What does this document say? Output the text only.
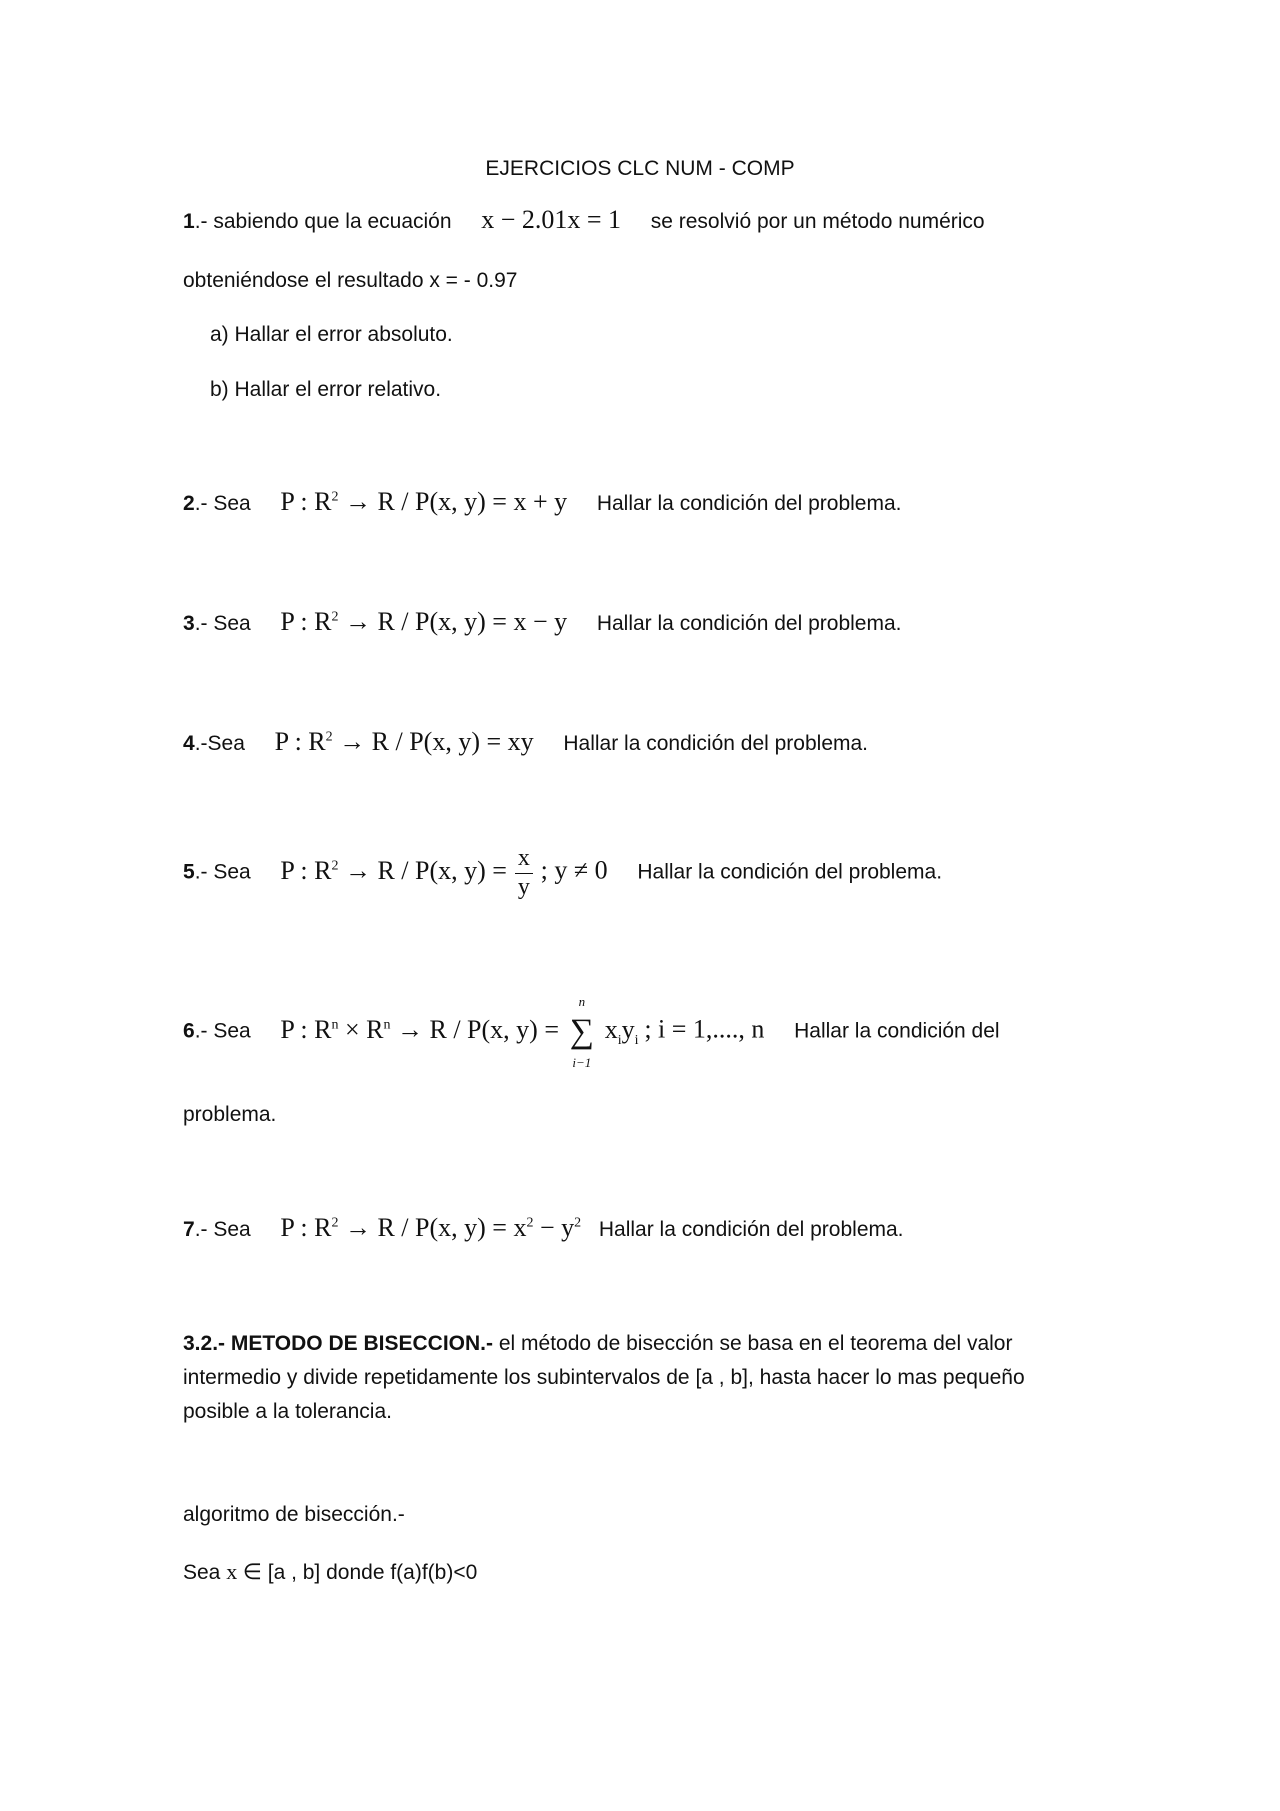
EJERCICIOS CLC NUM - COMP
1.- sabiendo que la ecuación x − 2.01x = 1 se resolvió por un método numérico
obteniéndose el resultado x = - 0.97
a) Hallar el error absoluto.
b) Hallar el error relativo.
2.- Sea P : $R^2 \to R / P(x$, y) = x + y Hallar la condición del problema.
3.- Sea P : $R^2 \to R / P(x$, y) = x − y Hallar la condición del problema.
4.-Sea P : $R^2 \to R / P(x$, y) = xy Hallar la condición del problema.
5.- Sea P : $R^2 \to R / P(x$, $y) = \frac{x}{y}$ ; y ≠ 0 Hallar la condición del problema.
6.- Sea P : $R^n \times R^n \to R / P(x$, y) =
n
∑
i−1
$x_iy_i$ ; i = 1,...., n Hallar la condición del
problema.
7.- Sea P : $R^2 \to R / P(x$, $y) = x^2 - y^2$ Hallar la condición del problema.
3.2.- METODO DE BISECCION.- el método de bisección se basa en el teorema del valor
intermedio y divide repetidamente los subintervalos de [a , b], hasta hacer lo mas pequeño
posible a la tolerancia.
algoritmo de bisección.-
Sea x ∈ [a , b] donde f(a)f(b)<0
